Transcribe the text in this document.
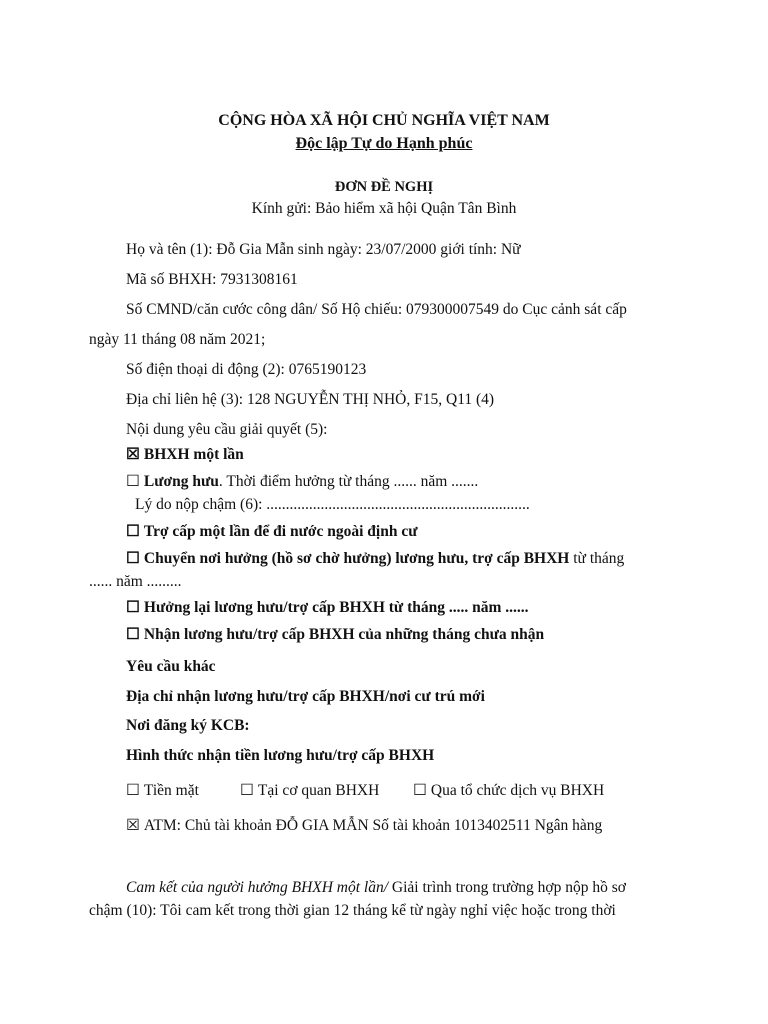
CỘNG HÒA XÃ HỘI CHỦ NGHĨA VIỆT NAM
Độc lập Tự do Hạnh phúc
ĐƠN ĐỀ NGHỊ
Kính gửi: Bảo hiểm xã hội Quận Tân Bình
Họ và tên (1): Đỗ Gia Mẫn sinh ngày: 23/07/2000 giới tính: Nữ
Mã số BHXH: 7931308161
Số CMND/căn cước công dân/ Số Hộ chiếu: 079300007549 do Cục cảnh sát cấp
ngày 11 tháng 08 năm 2021;
Số điện thoại di động (2): 0765190123
Địa chỉ liên hệ (3): 128 NGUYỄN THỊ NHỎ, F15, Q11 (4)
Nội dung yêu cầu giải quyết (5):
☒ BHXH một lần
☐ Lương hưu. Thời điểm hưởng từ tháng ...... năm .......
Lý do nộp chậm (6): ....................................................................
☐ Trợ cấp một lần để đi nước ngoài định cư
☐ Chuyển nơi hưởng (hồ sơ chờ hưởng) lương hưu, trợ cấp BHXH từ tháng
...... năm .........
☐ Hưởng lại lương hưu/trợ cấp BHXH từ tháng ..... năm ......
☐ Nhận lương hưu/trợ cấp BHXH của những tháng chưa nhận
Yêu cầu khác
Địa chỉ nhận lương hưu/trợ cấp BHXH/nơi cư trú mới
Nơi đăng ký KCB:
Hình thức nhận tiền lương hưu/trợ cấp BHXH
☐ Tiền mặt	☐ Tại cơ quan BHXH ☐ Qua tổ chức dịch vụ BHXH
☒ ATM: Chủ tài khoản ĐỖ GIA MẪN Số tài khoản 1013402511 Ngân hàng
Cam kết của người hưởng BHXH một lần/ Giải trình trong trường hợp nộp hồ sơ
chậm (10): Tôi cam kết trong thời gian 12 tháng kể từ ngày nghỉ việc hoặc trong thời
